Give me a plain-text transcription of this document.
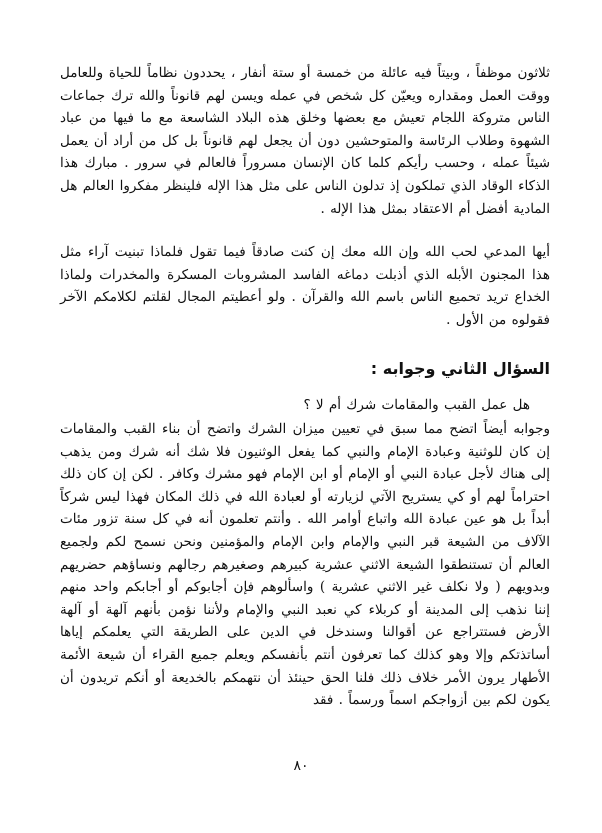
ثلاثون موظفاً ، وبيتاً فيه عائلة من خمسة أو ستة أنفار ، يحددون نظاماً للحياة وللعامل ووقت العمل ومقداره ويعيّن كل شخص في عمله ويسن لهم قانوناً والله ترك جماعات الناس متروكة اللجام تعيش مع بعضها وخلق هذه البلاد الشاسعة مع ما فيها من عباد الشهوة وطلاب الرئاسة والمتوحشين دون أن يجعل لهم قانوناً بل كل من أراد أن يعمل شيئاً عمله ، وحسب رأيكم كلما كان الإنسان مسروراً فالعالم في سرور . مبارك هذا الذكاء الوقاد الذي تملكون إذ تدلون الناس على مثل هذا الإله فلينظر مفكروا العالم هل المادية أفضل أم الاعتقاد بمثل هذا الإله .

أيها المدعي لحب الله وإن الله معك إن كنت صادقاً فيما تقول فلماذا تبنيت آراء مثل هذا المجنون الأبله الذي أذبلت دماغه الفاسد المشروبات المسكرة والمخدرات ولماذا الخداع تريد تحميع الناس باسم الله والقرآن . ولو أعطيتم المجال لقلتم لكلامكم الآخر فقولوه من الأول .

السؤال الثاني وجوابه :

هل عمل القبب والمقامات شرك أم لا ؟

وجوابه أيضاً اتضح مما سبق في تعيين ميزان الشرك واتضح أن بناء القبب والمقامات إن كان للوثنية وعبادة الإمام والنبي كما يفعل الوثنيون فلا شك أنه شرك ومن يذهب إلى هناك لأجل عبادة النبي أو الإمام أو ابن الإمام فهو مشرك وكافر . لكن إن كان ذلك احتراماً لهم أو كي يستريح الآتي لزيارته أو لعبادة الله في ذلك المكان فهذا ليس شركاً أبداً بل هو عين عبادة الله واتباع أوامر الله . وأنتم تعلمون أنه في كل سنة تزور مئات الآلاف من الشيعة قبر النبي والإمام وابن الإمام والمؤمنين ونحن نسمح لكم ولجميع العالم أن تستنطقوا الشيعة الاثني عشرية كبيرهم وصغيرهم رجالهم ونساؤهم حضريهم وبدويهم ( ولا نكلف غير الاثني عشرية ) واسألوهم فإن أجابوكم أو أجابكم واحد منهم إننا نذهب إلى المدينة أو كربلاء كي نعبد النبي والإمام ولأننا نؤمن بأنهم آلهة أو آلهة الأرض فستتراجع عن أقوالنا وسندخل في الدين على الطريقة التي يعلمكم إياها أساتذتكم وإلا وهو كذلك كما تعرفون أنتم بأنفسكم ويعلم جميع القراء أن شيعة الأئمة الأطهار يرون الأمر خلاف ذلك فلنا الحق حينئذ أن نتهمكم بالخديعة أو أنكم تريدون أن يكون لكم بين أزواجكم اسماً ورسماً . فقد

٨٠
